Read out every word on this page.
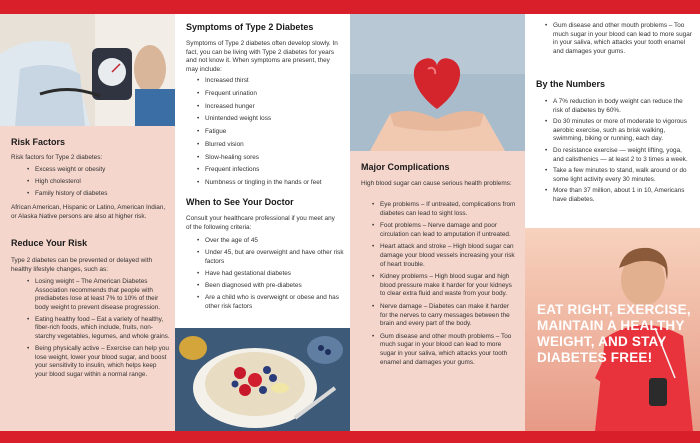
Risk Factors

Risk factors for Type 2 diabetes:

• Excess weight or obesity
• High cholesterol
• Family history of diabetes

African American, Hispanic or Latino, American Indian, or Alaska Native persons are also at higher risk.

Reduce Your Risk

Type 2 diabetes can be prevented or delayed with healthy lifestyle changes, such as:

• Losing weight – The American Diabetes Association recommends that people with prediabetes lose at least 7% to 10% of their body weight to prevent disease progression.
• Eating healthy food – Eat a variety of healthy, fiber-rich foods, which include, fruits, non-starchy vegetables, legumes, and whole grains.
• Being physically active – Exercise can help you lose weight, lower your blood sugar, and boost your sensitivity to insulin, which helps keep your blood sugar within a normal range.
Symptoms of Type 2 Diabetes

Symptoms of Type 2 diabetes often develop slowly. In fact, you can be living with Type 2 diabetes for years and not know it. When symptoms are present, they may include:

• Increased thirst
• Frequent urination
• Increased hunger
• Unintended weight loss
• Fatigue
• Blurred vision
• Slow-healing sores
• Frequent infections
• Numbness or tingling in the hands or feet
When to See Your Doctor

Consult your healthcare professional if you meet any of the following criteria:

• Over the age of 45
• Under 45, but are overweight and have other risk factors
• Have had gestational diabetes
• Been diagnosed with pre-diabetes
• Are a child who is overweight or obese and has other risk factors
Major Complications

High blood sugar can cause serious health problems:

• Eye problems – If untreated, complications from diabetes can lead to sight loss.
• Foot problems – Nerve damage and poor circulation can lead to amputation if untreated.
• Heart attack and stroke – High blood sugar can damage your blood vessels increasing your risk of heart trouble.
• Kidney problems – High blood sugar and high blood pressure make it harder for your kidneys to clear extra fluid and waste from your body.
• Nerve damage – Diabetes can make it harder for the nerves to carry messages between the brain and every part of the body.
• Gum disease and other mouth problems – Too much sugar in your blood can lead to more sugar in your saliva, which attacks your tooth enamel and damages your gums.
• Gum disease and other mouth problems – Too much sugar in your blood can lead to more sugar in your saliva, which attacks your tooth enamel and damages your gums.
By the Numbers
• A 7% reduction in body weight can reduce the risk of diabetes by 60%.
• Do 30 minutes or more of moderate to vigorous aerobic exercise, such as brisk walking, swimming, biking or running, each day.
• Do resistance exercise — weight lifting, yoga, and calisthenics — at least 2 to 3 times a week.
• Take a few minutes to stand, walk around or do some light activity every 30 minutes.
• More than 37 million, about 1 in 10, Americans have diabetes.
EAT RIGHT, EXERCISE, MAINTAIN A HEALTHY WEIGHT, AND STAY DIABETES FREE!
